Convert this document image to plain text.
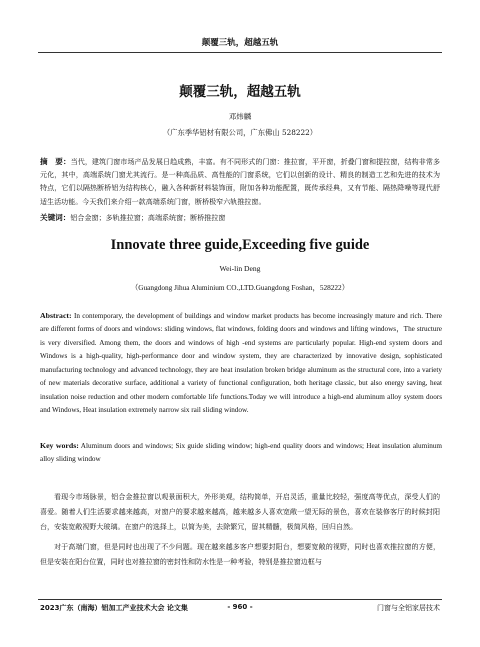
颠覆三轨，超越五轨
颠覆三轨，超越五轨
邓炜麟
（广东季华铝材有限公司，广东佛山 528222）
摘　要：当代，建筑门窗市场产品发展日趋成熟，丰富。有不同形式的门窗：推拉窗，平开窗，折叠门窗和提拉窗，结构非常多元化，其中，高端系统门窗尤其流行。是一种高品质、高性能的门窗系统，它们以创新的设计、精良的制造工艺和先进的技术为特点，它们以隔热断桥铝为结构核心，融入各种新材料装饰面，附加各种功能配置，既传承经典，又有节能、隔热降噪等现代舒适生活功能。今天我们来介绍一款高端系统门窗，断桥极窄六轨推拉窗。
关键词：铝合金窗；多轨推拉窗；高端系统窗；断桥推拉窗
Innovate three guide,Exceeding five guide
Wei-lin Deng
（Guangdong Jihua Aluminium CO.,LTD.Guangdong Foshan，528222）
Abstract: In contemporary, the development of buildings and window market products has become increasingly mature and rich. There are different forms of doors and windows: sliding windows, flat windows, folding doors and windows and lifting windows，The structure is very diversified. Among them, the doors and windows of high -end systems are particularly popular. High-end system doors and Windows is a high-quality, high-performance door and window system, they are characterized by innovative design, sophisticated manufacturing technology and advanced technology, they are heat insulation broken bridge aluminum as the structural core, into a variety of new materials decorative surface, additional a variety of functional configuration, both heritage classic, but also energy saving, heat insulation noise reduction and other modern comfortable life functions.Today we will introduce a high-end aluminum alloy system doors and Windows, Heat insulation extremely narrow six rail sliding window.
Key words: Aluminum doors and windows; Six guide sliding window; high-end quality doors and windows; Heat insulation aluminum alloy sliding window

看现今市场脉景，铝合金推拉窗以观景面积大，外形美观，结构简单，开启灵活，重量比较轻，强度高等优点，深受人们的喜爱。随着人们生活要求越来越高，对窗户的要求越来越高，越来越多人喜欢宽敞一望无际的景色，喜欢在装修客厅的时候封阳台，安装宽敞视野大玻璃。在窗户的选择上，以简为美，去除繁冗，留其精髓，极简风格，回归自然。

对于高端门窗，但是同时也出现了不少问题。现在越来越多客户想要封阳台，想要宽敞的视野，同时也喜欢推拉窗的方便，但是安装在阳台位置，同时也对推拉窗的密封性和防水性是一种考验，特别是推拉窗边框与

2023广东（南海）铝加工产业技术大会 论文集	- 960 -	门窗与全铝家居技术
